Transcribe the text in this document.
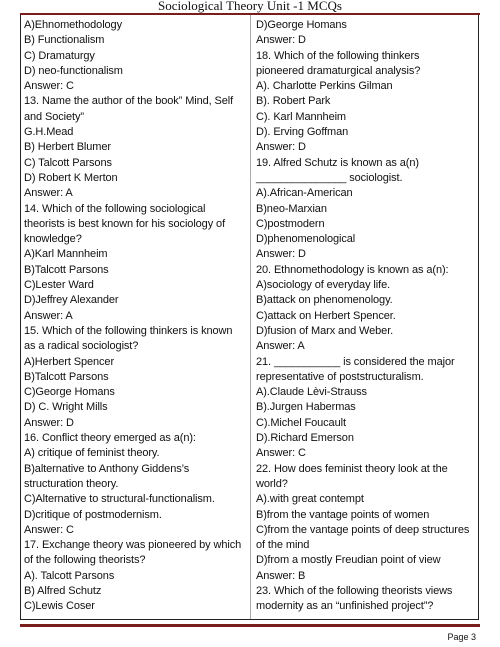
Sociological Theory Unit -1 MCQs
A)Ehnomethodology
B) Functionalism
C) Dramaturgy
D) neo-functionalism
Answer: C
13. Name the author of the book” Mind, Self
and Society”
G.H.Mead
B) Herbert Blumer
C) Talcott Parsons
D) Robert K Merton
Answer: A
14. Which of the following sociological
theorists is best known for his sociology of
knowledge?
A)Karl Mannheim
B)Talcott Parsons
C)Lester Ward
D)Jeffrey Alexander
Answer: A
15. Which of the following thinkers is known
as a radical sociologist?
A)Herbert Spencer
B)Talcott Parsons
C)George Homans
D) C. Wright Mills
Answer: D
16. Conflict theory emerged as a(n):
A) critique of feminist theory.
B)alternative to Anthony Giddens’s
structuration theory.
C)Alternative to structural-functionalism.
D)critique of postmodernism.
Answer: C
17. Exchange theory was pioneered by which
of the following theorists?
A). Talcott Parsons
B) Alfred Schutz
C)Lewis Coser
D)George Homans
Answer: D
18. Which of the following thinkers
pioneered dramaturgical analysis?
A). Charlotte Perkins Gilman
B). Robert Park
C). Karl Mannheim
D). Erving Goffman
Answer: D
19. Alfred Schutz is known as a(n)
_______________ sociologist.
A).African-American
B)neo-Marxian
C)postmodern
D)phenomenological
Answer: D
20. Ethnomethodology is known as a(n):
A)sociology of everyday life.
B)attack on phenomenology.
C)attack on Herbert Spencer.
D)fusion of Marx and Weber.
Answer: A
21. ___________ is considered the major
representative of poststructuralism.
A).Claude Lèvi-Strauss
B).Jurgen Habermas
C).Michel Foucault
D).Richard Emerson
Answer: C
22. How does feminist theory look at the
world?
A).with great contempt
B)from the vantage points of women
C)from the vantage points of deep structures
of the mind
D)from a mostly Freudian point of view
Answer: B
23. Which of the following theorists views
modernity as an “unfinished project”?
Page 3
